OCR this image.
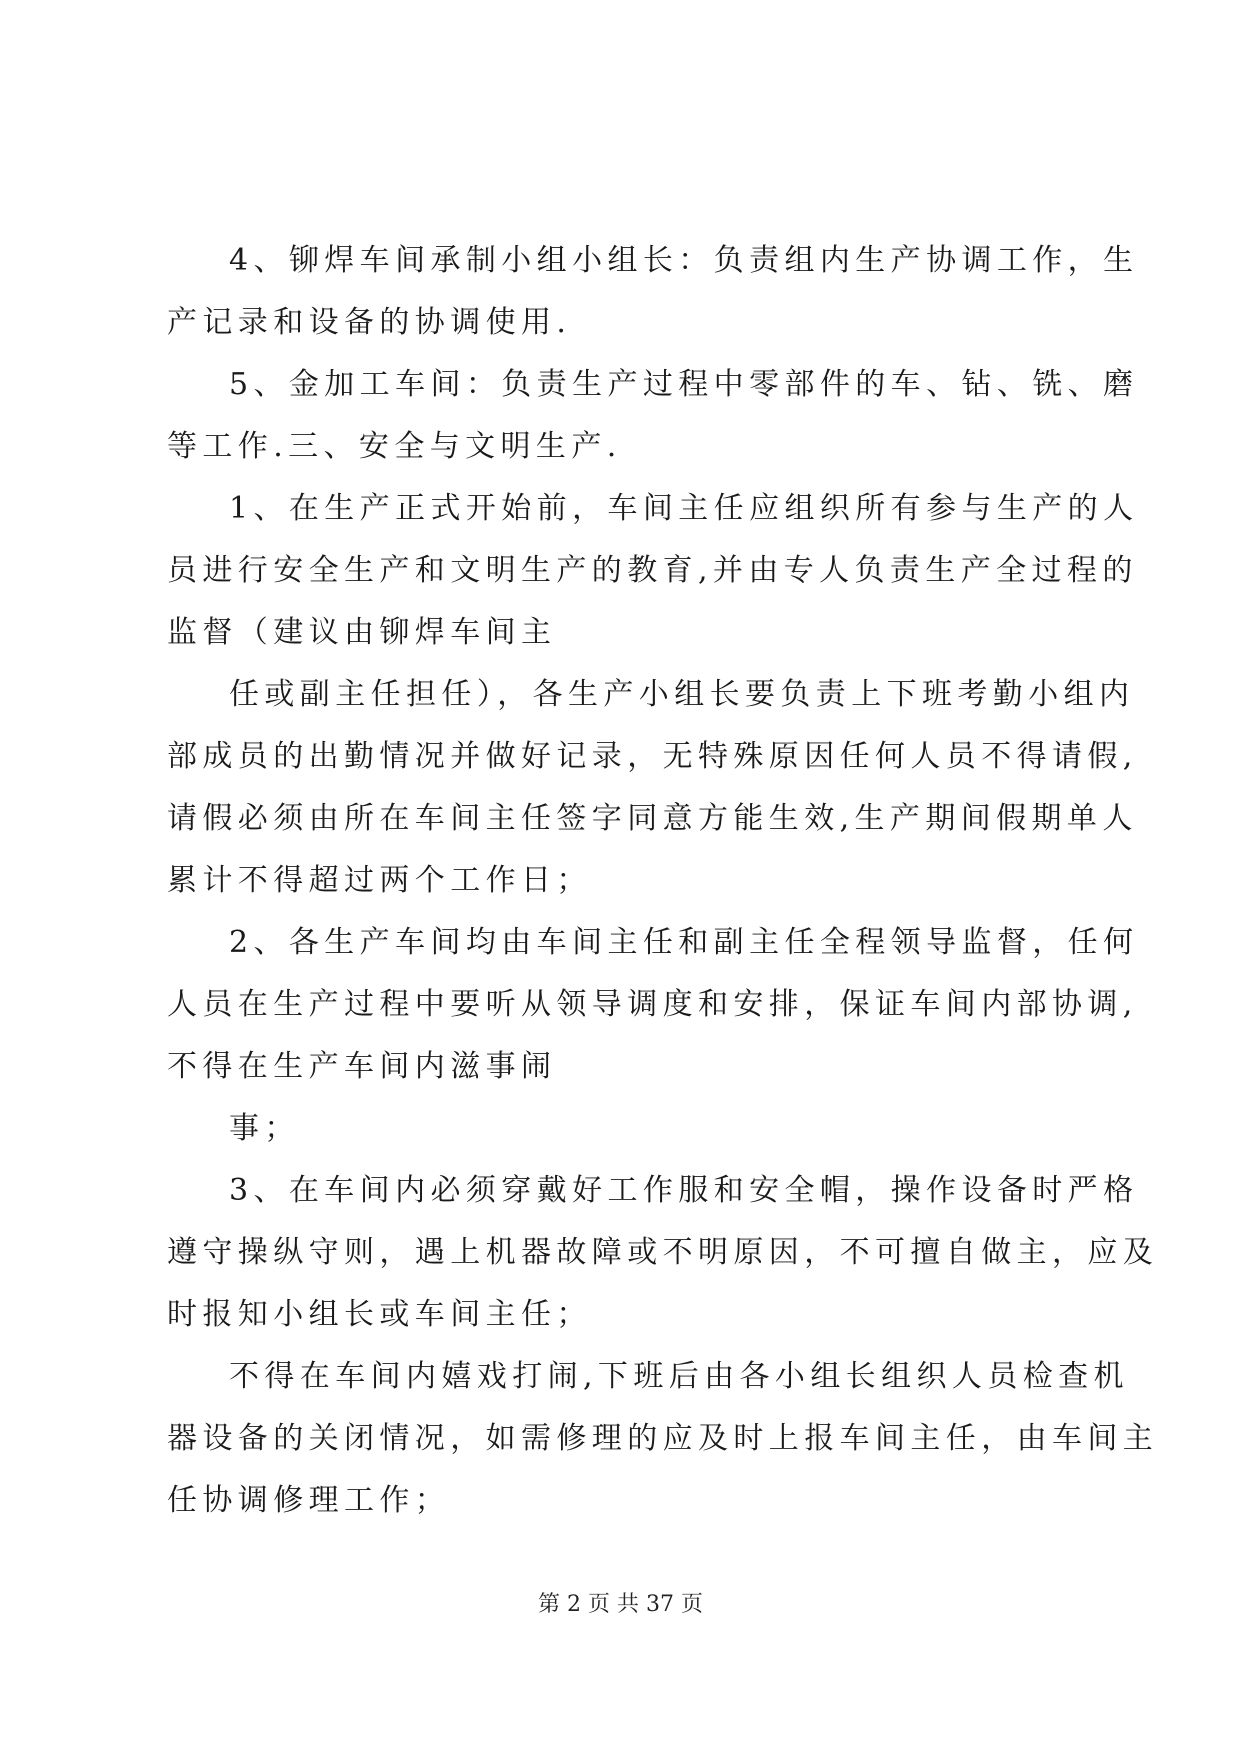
4、铆焊车间承制小组小组长：负责组内生产协调工作，生
产记录和设备的协调使用.
5、金加工车间：负责生产过程中零部件的车、钻、铣、磨
等工作.三、安全与文明生产.
1、在生产正式开始前，车间主任应组织所有参与生产的人
员进行安全生产和文明生产的教育,并由专人负责生产全过程的
监督（建议由铆焊车间主
任或副主任担任），各生产小组长要负责上下班考勤小组内
部成员的出勤情况并做好记录，无特殊原因任何人员不得请假,
请假必须由所在车间主任签字同意方能生效,生产期间假期单人
累计不得超过两个工作日；
2、各生产车间均由车间主任和副主任全程领导监督，任何
人员在生产过程中要听从领导调度和安排，保证车间内部协调,
不得在生产车间内滋事闹
事；
3、在车间内必须穿戴好工作服和安全帽，操作设备时严格
遵守操纵守则，遇上机器故障或不明原因，不可擅自做主，应及
时报知小组长或车间主任；
不得在车间内嬉戏打闹,下班后由各小组长组织人员检查机
器设备的关闭情况，如需修理的应及时上报车间主任，由车间主
任协调修理工作；
第 2 页 共 37 页
